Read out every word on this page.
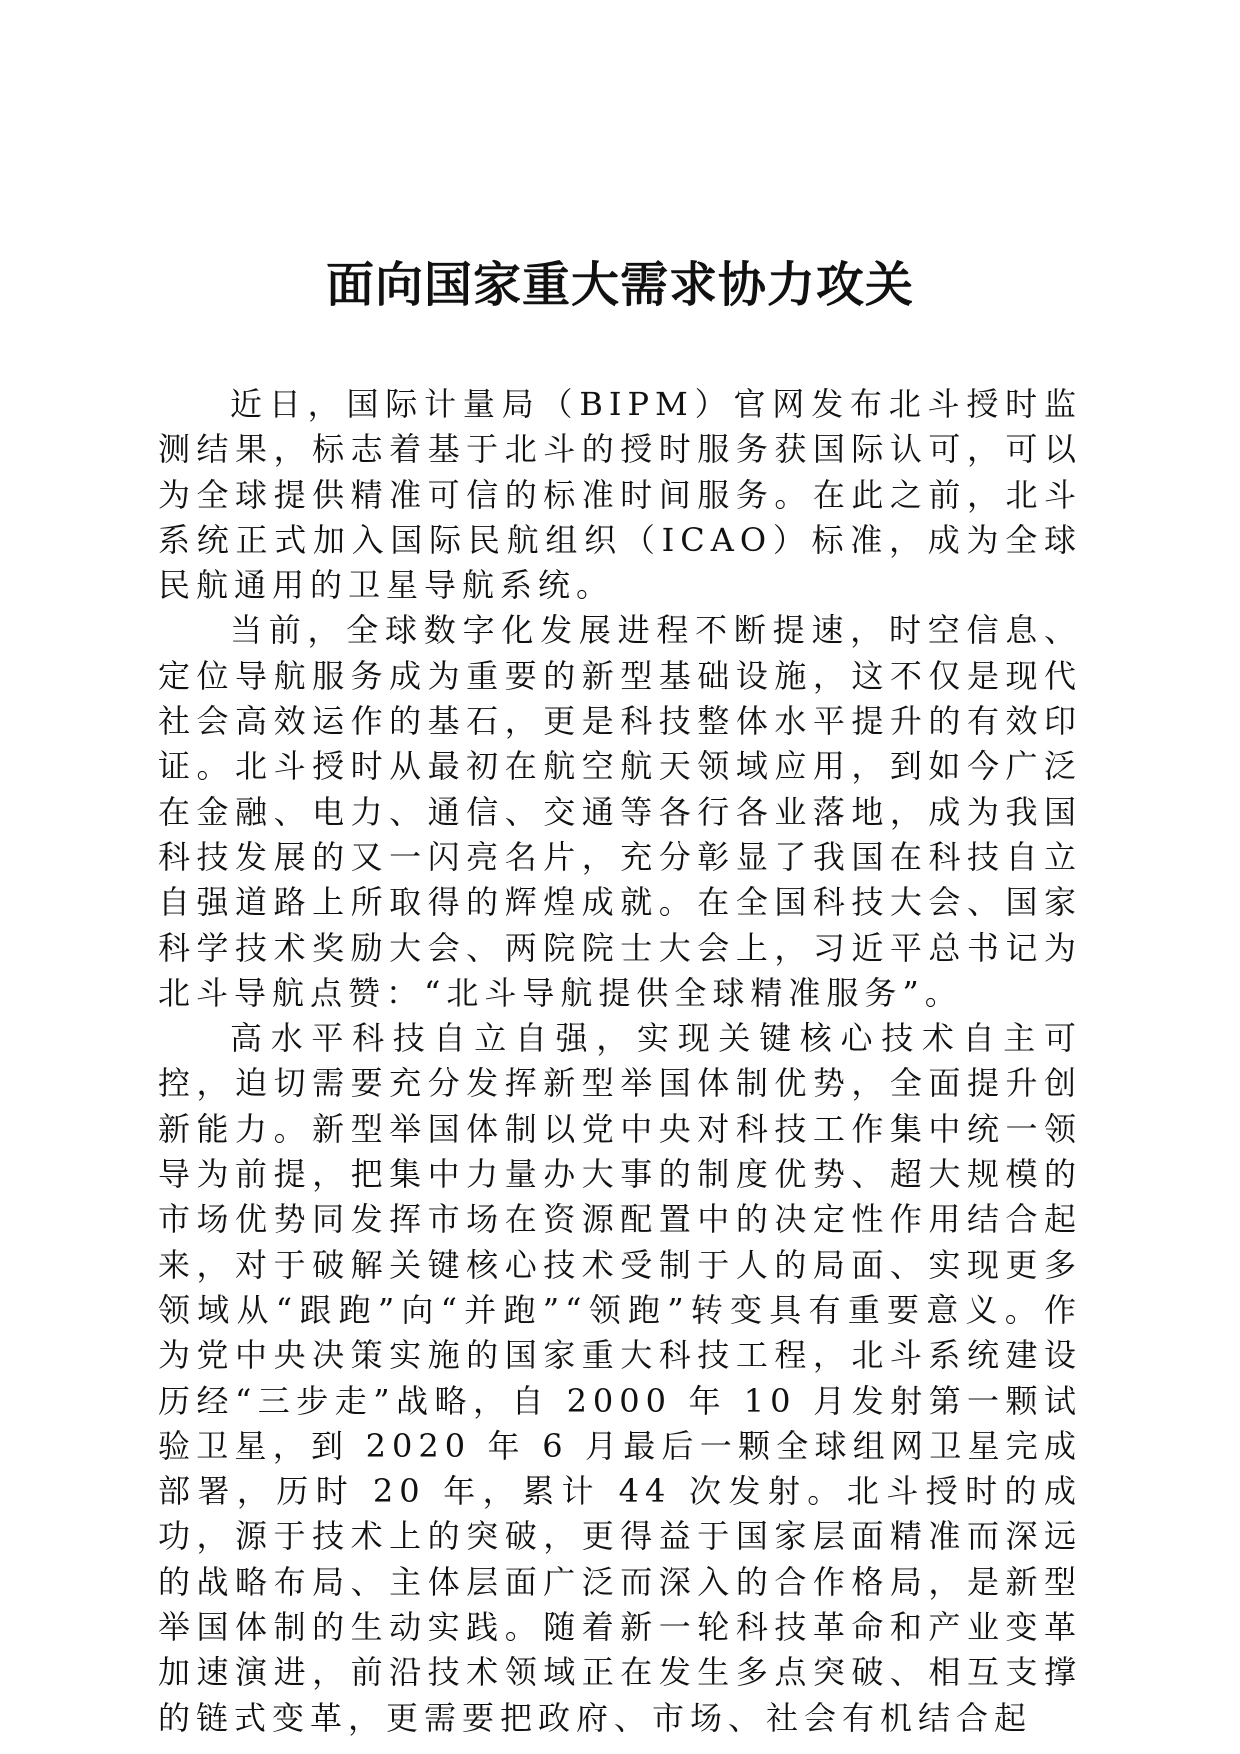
面向国家重大需求协力攻关

近日，国际计量局（BIPM）官网发布北斗授时监测结果，标志着基于北斗的授时服务获国际认可，可以为全球提供精准可信的标准时间服务。在此之前，北斗系统正式加入国际民航组织（ICAO）标准，成为全球民航通用的卫星导航系统。

当前，全球数字化发展进程不断提速，时空信息、定位导航服务成为重要的新型基础设施，这不仅是现代社会高效运作的基石，更是科技整体水平提升的有效印证。北斗授时从最初在航空航天领域应用，到如今广泛在金融、电力、通信、交通等各行各业落地，成为我国科技发展的又一闪亮名片，充分彰显了我国在科技自立自强道路上所取得的辉煌成就。在全国科技大会、国家科学技术奖励大会、两院院士大会上，习近平总书记为北斗导航点赞：“北斗导航提供全球精准服务”。

高水平科技自立自强，实现关键核心技术自主可控，迫切需要充分发挥新型举国体制优势，全面提升创新能力。新型举国体制以党中央对科技工作集中统一领导为前提，把集中力量办大事的制度优势、超大规模的市场优势同发挥市场在资源配置中的决定性作用结合起来，对于破解关键核心技术受制于人的局面、实现更多领域从“跟跑”向“并跑”“领跑”转变具有重要意义。作为党中央决策实施的国家重大科技工程，北斗系统建设历经“三步走”战略，自 2000 年 10 月发射第一颗试验卫星，到 2020 年 6 月最后一颗全球组网卫星完成部署，历时 20 年，累计 44 次发射。北斗授时的成功，源于技术上的突破，更得益于国家层面精准而深远的战略布局、主体层面广泛而深入的合作格局，是新型举国体制的生动实践。随着新一轮科技革命和产业变革加速演进，前沿技术领域正在发生多点突破、相互支撑的链式变革，更需要把政府、市场、社会有机结合起
